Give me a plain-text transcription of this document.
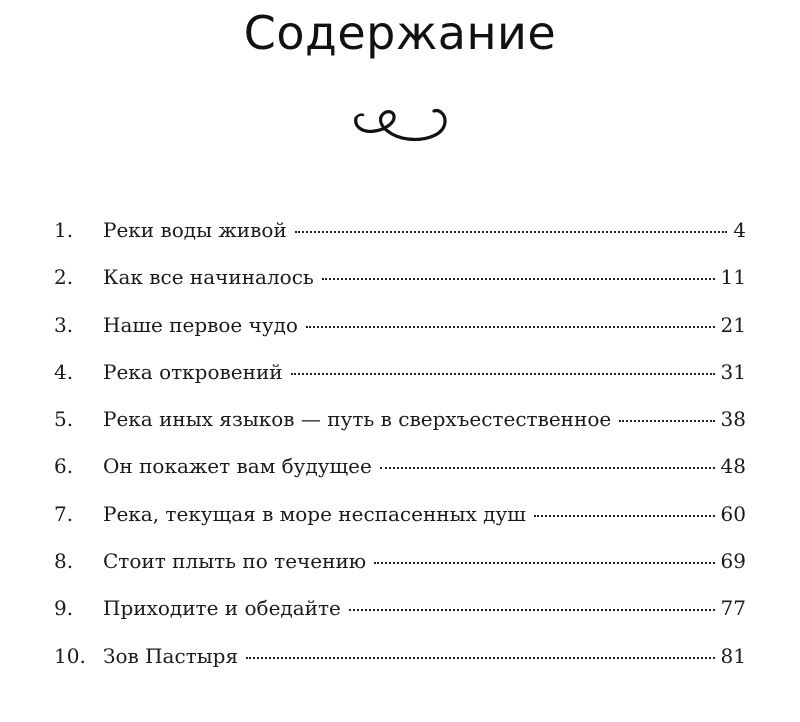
Содержание
1.	Реки воды живой	4
2.	Как все начиналось	11
3.	Наше первое чудо	21
4.	Река откровений	31
5.	Река иных языков — путь в сверхъестественное	38
6.	Он покажет вам будущее	48
7.	Река, текущая в море неспасенных душ	60
8.	Стоит плыть по течению	69
9.	Приходите и обедайте	77
10. Зов Пастыря	81
